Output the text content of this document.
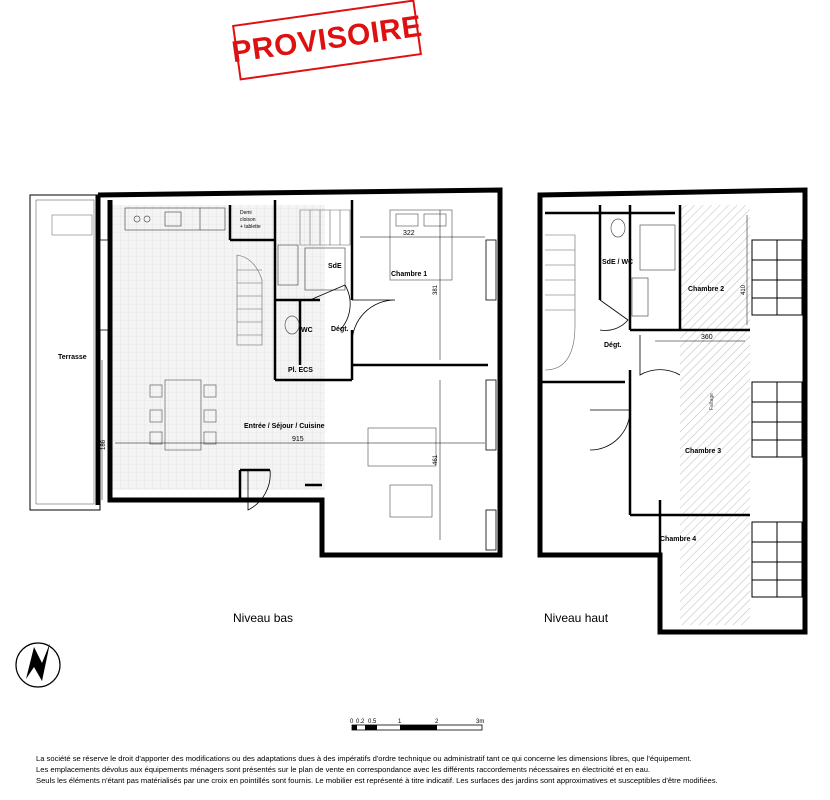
Terrasse
Entrée / Séjour / Cuisine
Chambre 1
SdE
WC	Dégt.
Pl. ECS
Demi
cloison
+ tablette
322
381
915
461
186
SdE / WC
Dégt.
Chambre 2
Chambre 3
Chambre 4
Faîtage
360
410
0 0.2 0.5	1	2	3m
PROVISOIRE
Niveau bas	Niveau haut
La société se réserve le droit d'apporter des modifications ou des adaptations dues à des impératifs d'ordre technique ou administratif tant ce qui concerne les dimensions libres, que l'équipement.
Les emplacements dévolus aux équipements ménagers sont présentés sur le plan de vente en correspondance avec les différents raccordements nécessaires en électricité et en eau.
Seuls les éléments n'étant pas matérialisés par une croix en pointillés sont fournis. Le mobilier est représenté à titre indicatif. Les surfaces des jardins sont approximatives et susceptibles d'être modifiées.
